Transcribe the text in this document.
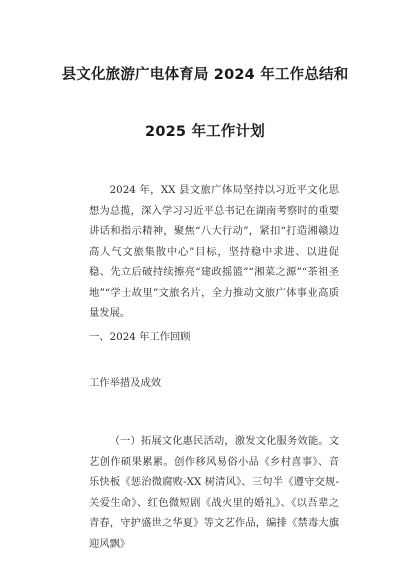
县文化旅游广电体育局 2024 年工作总结和
2025 年工作计划

2024 年，XX 县文旅广体局坚持以习近平文化思想为总揽，深入学习习近平总书记在湖南考察时的重要讲话和指示精神，聚焦“八大行动”，紧扣“打造湘赣边高人气文旅集散中心”目标，坚持稳中求进、以进促稳、先立后破持续擦亮“建政摇篮”“湘菜之源”“茶祖圣地”“学士故里”文旅名片，全力推动文旅广体事业高质量发展。

一、2024 年工作回顾
工作举措及成效

（一）拓展文化惠民活动，激发文化服务效能。文艺创作硕果累累。创作移风易俗小品《乡村喜事》、音乐快板《惩治微腐败-XX 树清风》、三句半《遵守交规-关爱生命》、红色微短剧《战火里的婚礼》、《以吾辈之青春，守护盛世之华夏》等文艺作品，编排《禁毒大旗迎风飘》
